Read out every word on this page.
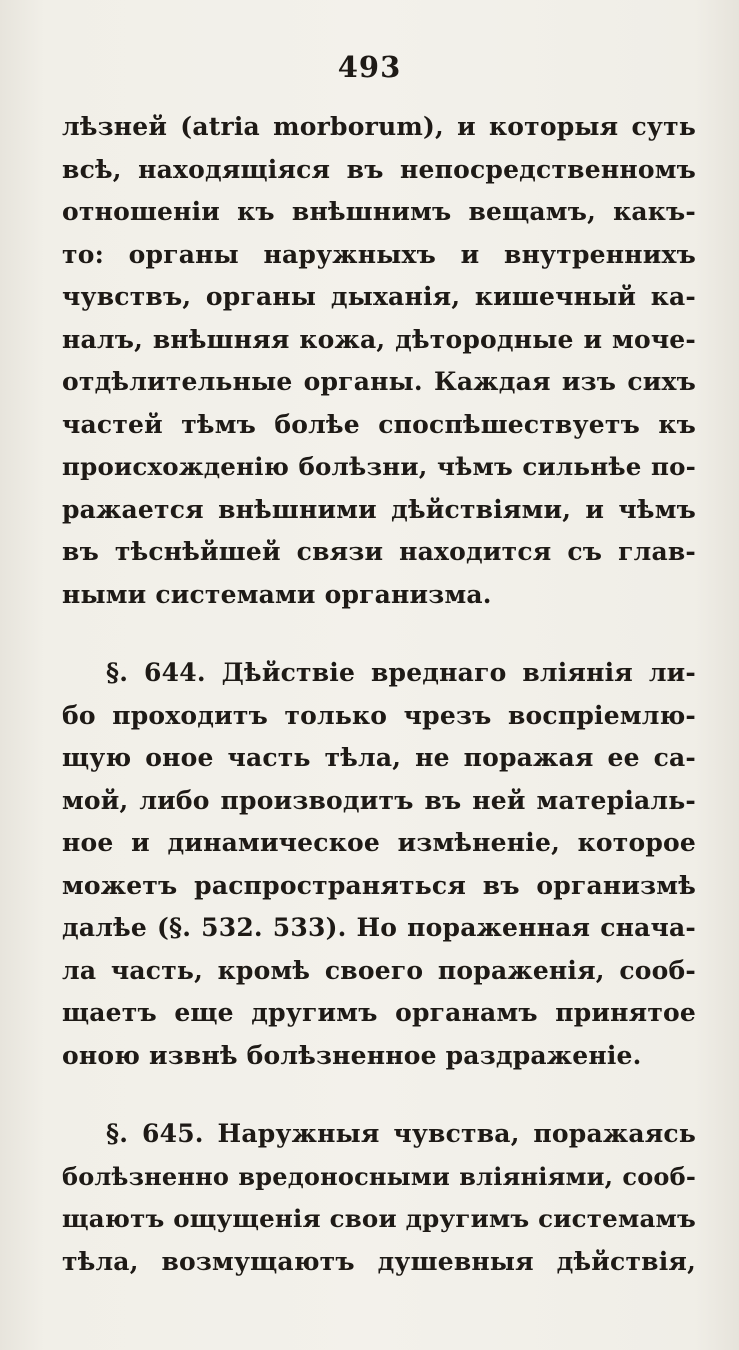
493
лѣзней (atria morborum), и которыя суть
всѣ, находящіяся въ непосредственномъ
отношеніи къ внѣшнимъ вещамъ, какъ-
то: органы наружныхъ и внутреннихъ
чувствъ, органы дыханія, кишечный ка-
налъ, внѣшняя кожа, дѣтородные и моче-
отдѣлительные органы. Каждая изъ сихъ
частей тѣмъ болѣе споспѣшествуетъ къ
происхожденію болѣзни, чѣмъ сильнѣе по-
ражается внѣшними дѣйствіями, и чѣмъ
въ тѣснѣйшей связи находится съ глав-
ными системами организма.
§. 644. Дѣйствіе вреднаго вліянія ли-
бо проходитъ только чрезъ воспріемлю-
щую оное часть тѣла, не поражая ее са-
мой, либо производитъ въ ней матеріаль-
ное и динамическое измѣненіе, которое
можетъ распространяться въ организмѣ
далѣе (§. 532. 533). Но пораженная снача-
ла часть, кромѣ своего пораженія, сооб-
щаетъ еще другимъ органамъ принятое
оною извнѣ болѣзненное раздраженіе.
§. 645. Наружныя чувства, поражаясь
болѣзненно вредоносными вліяніями, сооб-
щаютъ ощущенія свои другимъ системамъ
тѣла, возмущаютъ душевныя дѣйствія,
